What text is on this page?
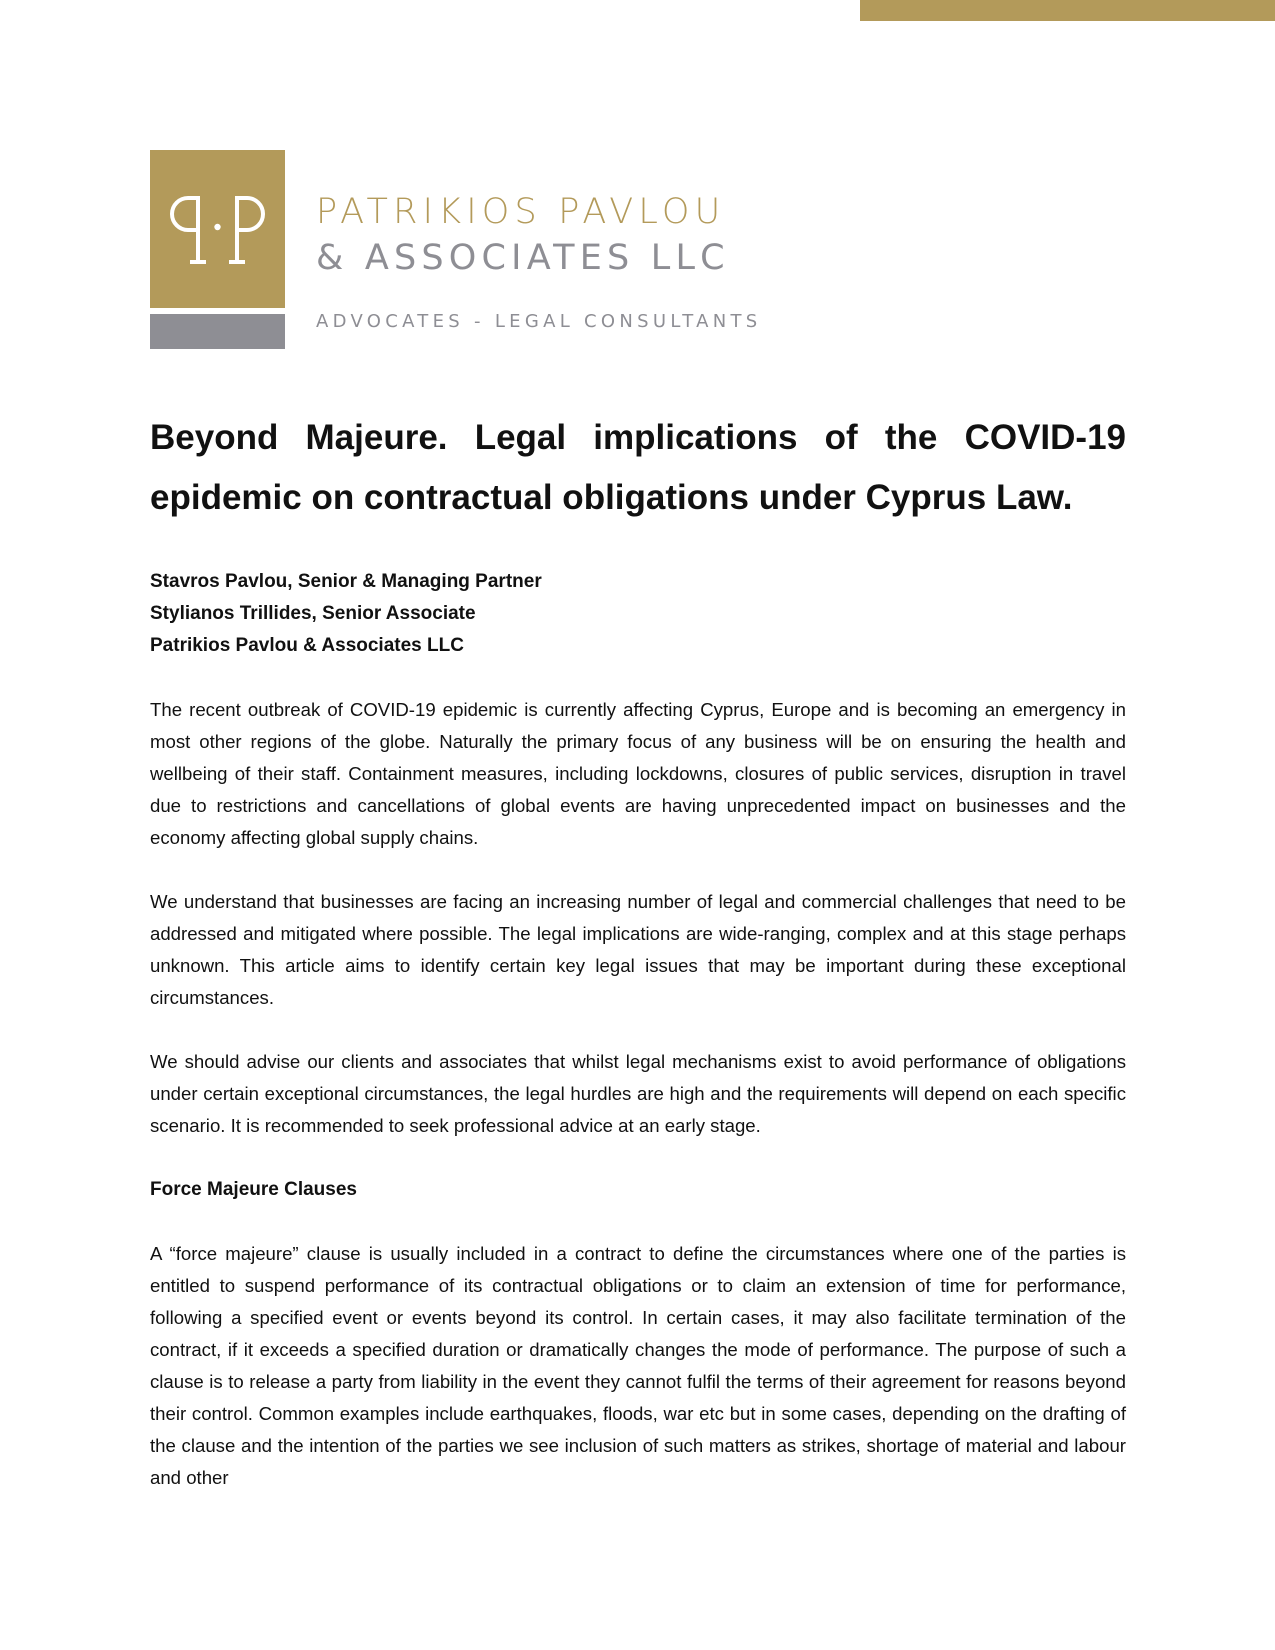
PATRIKIOS PAVLOU
& ASSOCIATES LLC
ADVOCATES - LEGAL CONSULTANTS
Beyond Majeure. Legal implications of the COVID-19 epidemic on contractual obligations under Cyprus Law.
Stavros Pavlou, Senior & Managing Partner
Stylianos Trillides, Senior Associate
Patrikios Pavlou & Associates LLC

The recent outbreak of COVID-19 epidemic is currently affecting Cyprus, Europe and is becoming an emergency in most other regions of the globe. Naturally the primary focus of any business will be on ensuring the health and wellbeing of their staff. Containment measures, including lockdowns, closures of public services, disruption in travel due to restrictions and cancellations of global events are having unprecedented impact on businesses and the economy affecting global supply chains.

We understand that businesses are facing an increasing number of legal and commercial challenges that need to be addressed and mitigated where possible. The legal implications are wide-ranging, complex and at this stage perhaps unknown. This article aims to identify certain key legal issues that may be important during these exceptional circumstances.

We should advise our clients and associates that whilst legal mechanisms exist to avoid performance of obligations under certain exceptional circumstances, the legal hurdles are high and the requirements will depend on each specific scenario. It is recommended to seek professional advice at an early stage.

Force Majeure Clauses

A “force majeure” clause is usually included in a contract to define the circumstances where one of the parties is entitled to suspend performance of its contractual obligations or to claim an extension of time for performance, following a specified event or events beyond its control. In certain cases, it may also facilitate termination of the contract, if it exceeds a specified duration or dramatically changes the mode of performance. The purpose of such a clause is to release a party from liability in the event they cannot fulfil the terms of their agreement for reasons beyond their control. Common examples include earthquakes, floods, war etc but in some cases, depending on the drafting of the clause and the intention of the parties we see inclusion of such matters as strikes, shortage of material and labour and other
